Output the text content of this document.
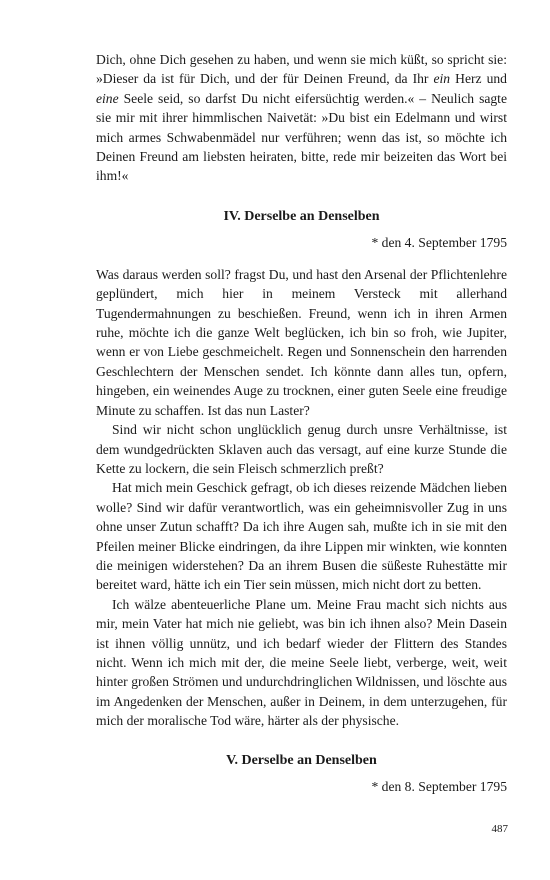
Dich, ohne Dich gesehen zu haben, und wenn sie mich küßt, so spricht sie: »Dieser da ist für Dich, und der für Deinen Freund, da Ihr ein Herz und eine Seele seid, so darfst Du nicht eifersüchtig werden.« – Neulich sagte sie mir mit ihrer himmlischen Naivetät: »Du bist ein Edelmann und wirst mich armes Schwabenmädel nur verführen; wenn das ist, so möchte ich Deinen Freund am liebsten heiraten, bitte, rede mir beizeiten das Wort bei ihm!«

IV. Derselbe an Denselben
* den 4. September 1795

Was daraus werden soll? fragst Du, und hast den Arsenal der Pflichtenlehre geplündert, mich hier in meinem Versteck mit allerhand Tugendermahnungen zu beschießen. Freund, wenn ich in ihren Armen ruhe, möchte ich die ganze Welt beglücken, ich bin so froh, wie Jupiter, wenn er von Liebe geschmeichelt. Regen und Sonnenschein den harrenden Geschlechtern der Menschen sendet. Ich könnte dann alles tun, opfern, hingeben, ein weinendes Auge zu trocknen, einer guten Seele eine freudige Minute zu schaffen. Ist das nun Laster?

Sind wir nicht schon unglücklich genug durch unsre Verhältnisse, ist dem wundgedrückten Sklaven auch das versagt, auf eine kurze Stunde die Kette zu lockern, die sein Fleisch schmerzlich preßt?

Hat mich mein Geschick gefragt, ob ich dieses reizende Mädchen lieben wolle? Sind wir dafür verantwortlich, was ein geheimnisvoller Zug in uns ohne unser Zutun schafft? Da ich ihre Augen sah, mußte ich in sie mit den Pfeilen meiner Blicke eindringen, da ihre Lippen mir winkten, wie konnten die meinigen widerstehen? Da an ihrem Busen die süßeste Ruhestätte mir bereitet ward, hätte ich ein Tier sein müssen, mich nicht dort zu betten.

Ich wälze abenteuerliche Plane um. Meine Frau macht sich nichts aus mir, mein Vater hat mich nie geliebt, was bin ich ihnen also? Mein Dasein ist ihnen völlig unnütz, und ich bedarf wieder der Flittern des Standes nicht. Wenn ich mich mit der, die meine Seele liebt, verberge, weit, weit hinter großen Strömen und undurchdringlichen Wildnissen, und löschte aus im Angedenken der Menschen, außer in Deinem, in dem unterzugehen, für mich der moralische Tod wäre, härter als der physische.

V. Derselbe an Denselben
* den 8. September 1795
487
